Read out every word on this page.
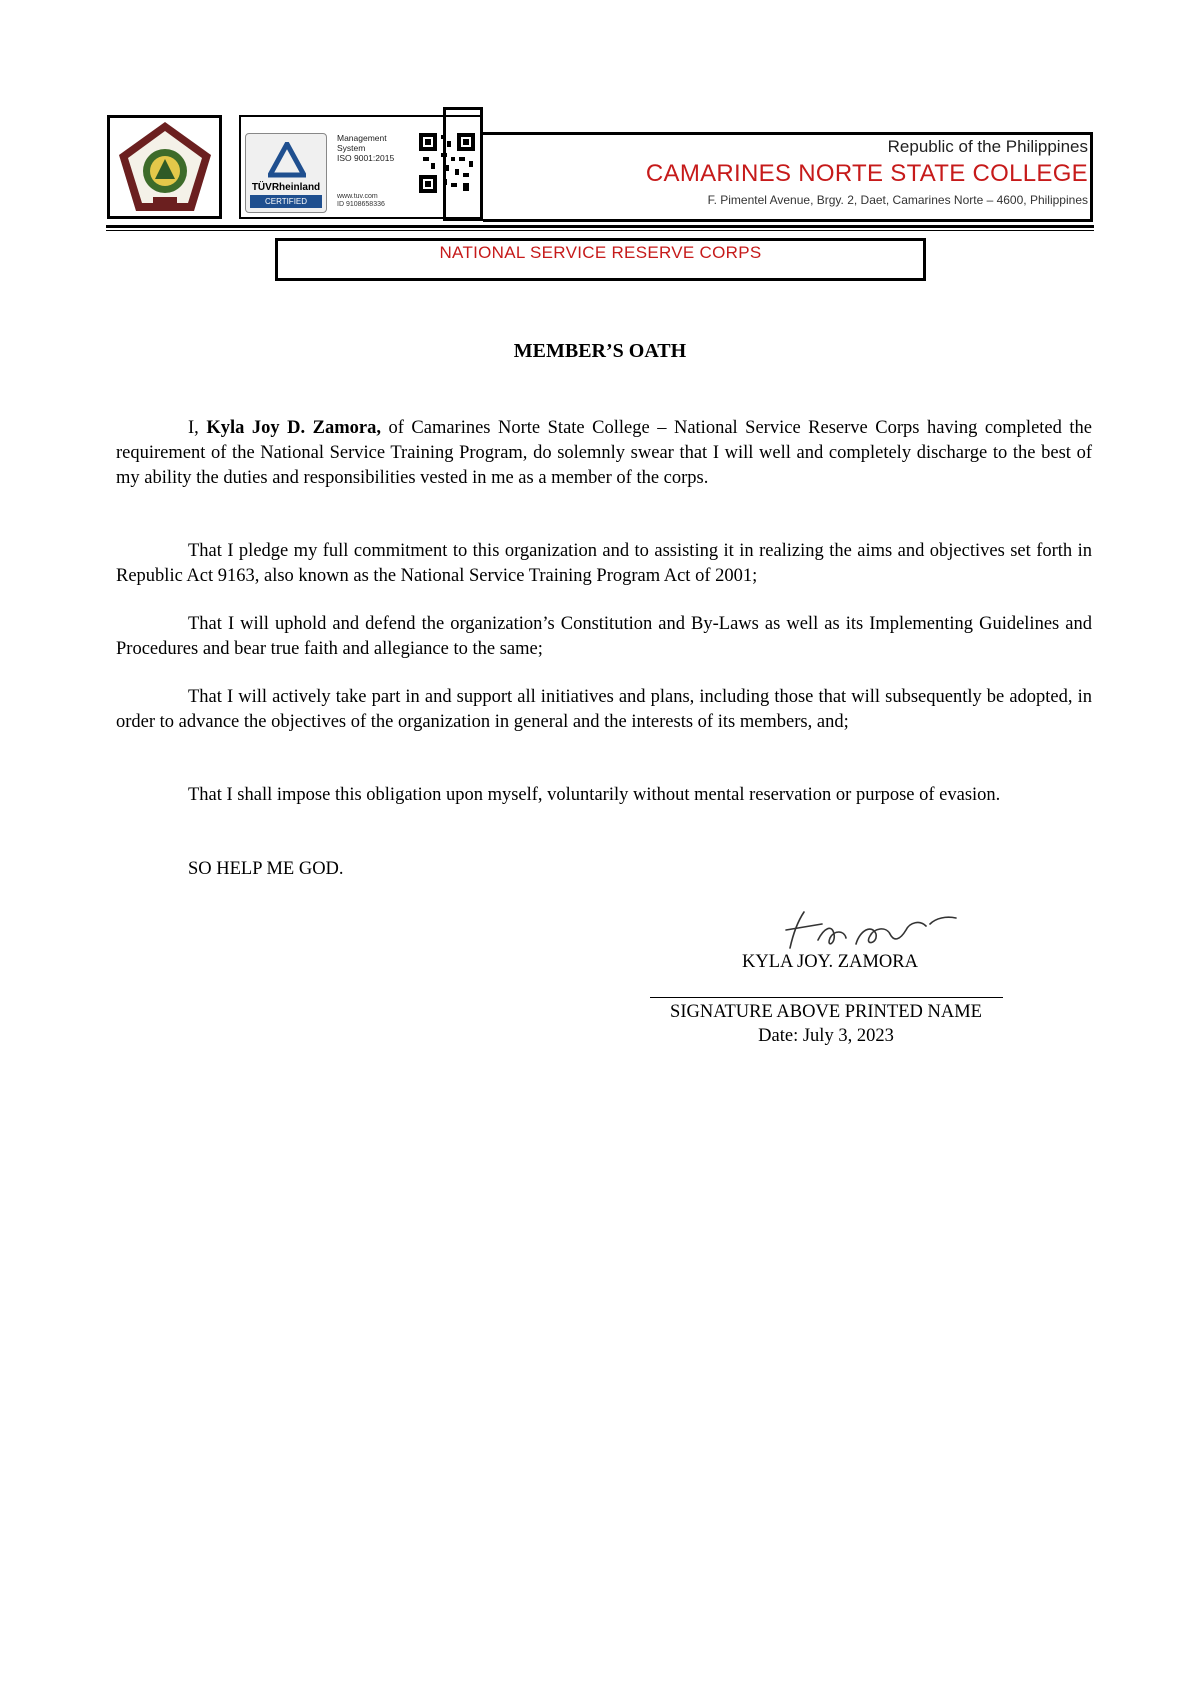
TÜVRheinland
CERTIFIED
Management
System
ISO 9001:2015
www.tuv.com
ID 9108658336
Republic of the Philippines
CAMARINES NORTE STATE COLLEGE
F. Pimentel Avenue, Brgy. 2, Daet, Camarines Norte – 4600, Philippines
NATIONAL SERVICE RESERVE CORPS
MEMBER’S OATH
I, Kyla Joy D. Zamora, of Camarines Norte State College – National Service Reserve Corps having completed the requirement of the National Service Training Program, do solemnly swear that I will well and completely discharge to the best of my ability the duties and responsibilities vested in me as a member of the corps.
That I pledge my full commitment to this organization and to assisting it in realizing the aims and objectives set forth in Republic Act 9163, also known as the National Service Training Program Act of 2001;
That I will uphold and defend the organization’s Constitution and By-Laws as well as its Implementing Guidelines and Procedures and bear true faith and allegiance to the same;
That I will actively take part in and support all initiatives and plans, including those that will subsequently be adopted, in order to advance the objectives of the organization in general and the interests of its members, and;
That I shall impose this obligation upon myself, voluntarily without mental reservation or purpose of evasion.
SO HELP ME GOD.
KYLA JOY. ZAMORA
SIGNATURE ABOVE PRINTED NAME
Date: July 3, 2023
